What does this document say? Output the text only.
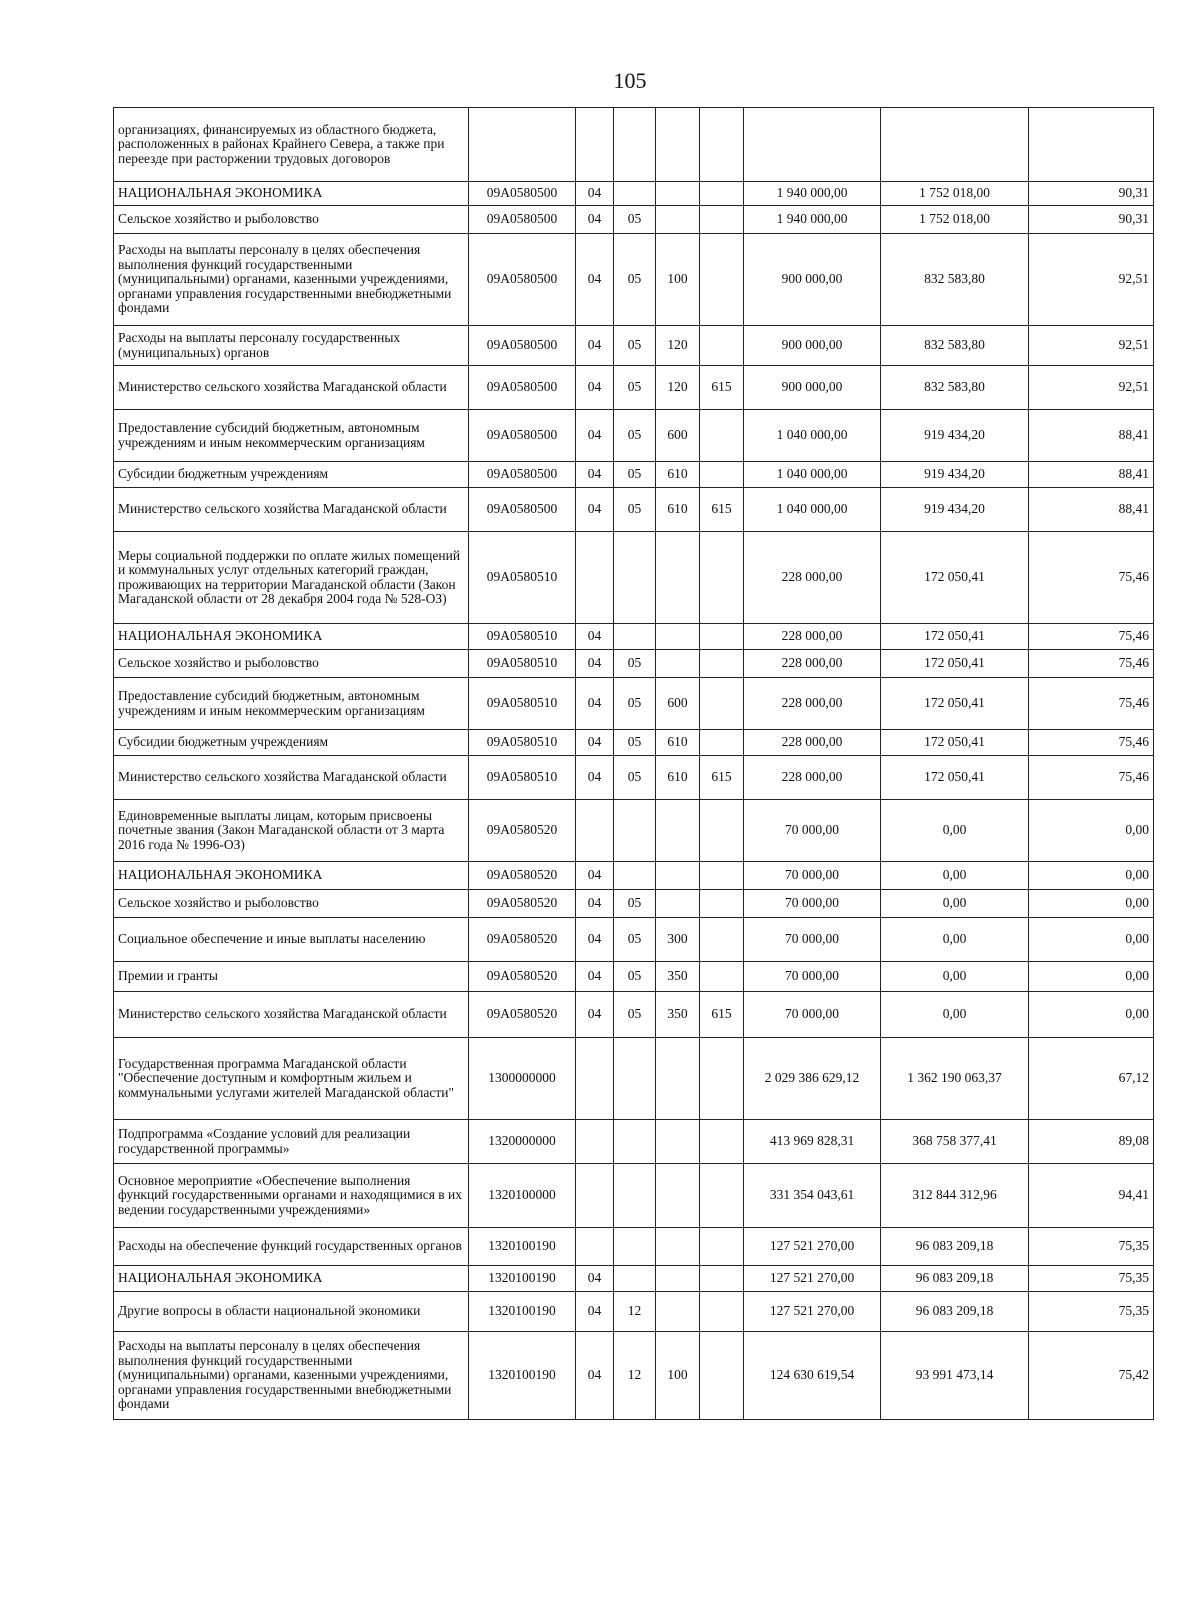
105
организациях, финансируемых из областного бюджета, расположенных в районах Крайнего Севера, а также при переезде при расторжении трудовых договоров								
НАЦИОНАЛЬНАЯ ЭКОНОМИКА	09А0580500	04				1 940 000,00	1 752 018,00	90,31
Сельское хозяйство и рыболовство	09А0580500	04	05			1 940 000,00	1 752 018,00	90,31
Расходы на выплаты персоналу в целях обеспечения выполнения функций государственными (муниципальными) органами, казенными учреждениями, органами управления государственными внебюджетными фондами	09А0580500	04	05	100		900 000,00	832 583,80	92,51
Расходы на выплаты персоналу государственных (муниципальных) органов	09А0580500	04	05	120		900 000,00	832 583,80	92,51
Министерство сельского хозяйства Магаданской области	09А0580500	04	05	120	615	900 000,00	832 583,80	92,51
Предоставление субсидий бюджетным, автономным учреждениям и иным некоммерческим организациям	09А0580500	04	05	600		1 040 000,00	919 434,20	88,41
Субсидии бюджетным учреждениям	09А0580500	04	05	610		1 040 000,00	919 434,20	88,41
Министерство сельского хозяйства Магаданской области	09А0580500	04	05	610	615	1 040 000,00	919 434,20	88,41
Меры социальной поддержки по оплате жилых помещений и коммунальных услуг отдельных категорий граждан, проживающих на территории Магаданской области (Закон Магаданской области от 28 декабря 2004 года № 528-ОЗ)	09А0580510					228 000,00	172 050,41	75,46
НАЦИОНАЛЬНАЯ ЭКОНОМИКА	09А0580510	04				228 000,00	172 050,41	75,46
Сельское хозяйство и рыболовство	09А0580510	04	05			228 000,00	172 050,41	75,46
Предоставление субсидий бюджетным, автономным учреждениям и иным некоммерческим организациям	09А0580510	04	05	600		228 000,00	172 050,41	75,46
Субсидии бюджетным учреждениям	09А0580510	04	05	610		228 000,00	172 050,41	75,46
Министерство сельского хозяйства Магаданской области	09А0580510	04	05	610	615	228 000,00	172 050,41	75,46
Единовременные выплаты лицам, которым присвоены почетные звания (Закон Магаданской области от 3 марта 2016 года № 1996-ОЗ)	09А0580520					70 000,00	0,00	0,00
НАЦИОНАЛЬНАЯ ЭКОНОМИКА	09А0580520	04				70 000,00	0,00	0,00
Сельское хозяйство и рыболовство	09А0580520	04	05			70 000,00	0,00	0,00
Социальное обеспечение и иные выплаты населению	09А0580520	04	05	300		70 000,00	0,00	0,00
Премии и гранты	09А0580520	04	05	350		70 000,00	0,00	0,00
Министерство сельского хозяйства Магаданской области	09А0580520	04	05	350	615	70 000,00	0,00	0,00
Государственная программа Магаданской области "Обеспечение доступным и комфортным жильем и коммунальными услугами жителей Магаданской области"	1300000000					2 029 386 629,12	1 362 190 063,37	67,12
Подпрограмма «Создание условий для реализации государственной программы»	1320000000					413 969 828,31	368 758 377,41	89,08
Основное мероприятие «Обеспечение выполнения функций государственными органами и находящимися в их ведении государственными учреждениями»	1320100000					331 354 043,61	312 844 312,96	94,41
Расходы на обеспечение функций государственных органов	1320100190					127 521 270,00	96 083 209,18	75,35
НАЦИОНАЛЬНАЯ ЭКОНОМИКА	1320100190	04				127 521 270,00	96 083 209,18	75,35
Другие вопросы в области национальной экономики	1320100190	04	12			127 521 270,00	96 083 209,18	75,35
Расходы на выплаты персоналу в целях обеспечения выполнения функций государственными (муниципальными) органами, казенными учреждениями, органами управления государственными внебюджетными фондами	1320100190	04	12	100		124 630 619,54	93 991 473,14	75,42
